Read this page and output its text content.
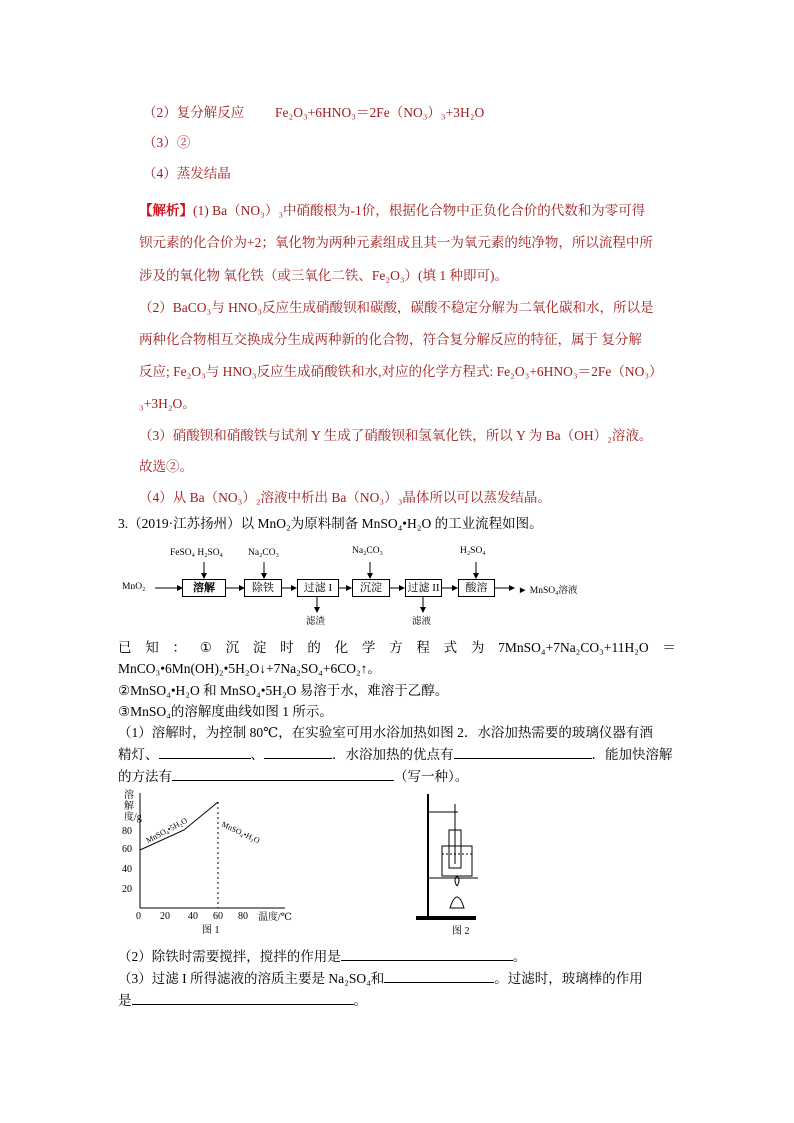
（2）复分解反应 Fe₂O₃+6HNO₃＝2Fe（NO₃）₃+3H₂O
（3）②
（4）蒸发结晶
【解析】(1) Ba（NO₃）₃中硝酸根为-1价，根据化合物中正负化合价的代数和为零可得
钡元素的化合价为+2；氧化物为两种元素组成且其一为氧元素的纯净物，所以流程中所
涉及的氧化物 氧化铁（或三氧化二铁、Fe₂O₃）(填 1 种即可)。
（2）BaCO₃与 HNO₃反应生成硝酸钡和碳酸，碳酸不稳定分解为二氧化碳和水，所以是
两种化合物相互交换成分生成两种新的化合物，符合复分解反应的特征，属于 复分解
反应; Fe₂O₃与 HNO₃反应生成硝酸铁和水,对应的化学方程式: Fe₂O₃+6HNO₃＝2Fe（NO₃）
₃+3H₂O。
（3）硝酸钡和硝酸铁与试剂 Y 生成了硝酸钡和氢氧化铁，所以 Y 为 Ba（OH）₂溶液。
故选②。
（4）从 Ba（NO₃）₂溶液中析出 Ba（NO₃）₃晶体所以可以蒸发结晶。
3.（2019·江苏扬州）以 MnO₂为原料制备 MnSO₄•H₂O 的工业流程如图。
MnO₂
FeSO₄ H₂SO₄	Na₂CO₃	Na₂CO₃	H₂SO₄
溶解	除铁	过滤 I	沉淀	过滤 II	酸溶
滤渣	滤液
► MnSO₄溶液
已 知 ： ① 沉 淀 时 的 化 学 方 程 式 为 7MnSO₄+7Na₂CO₃+11H₂O ＝
MnCO₃•6Mn(OH)₂•5H₂O↓+7Na₂SO₄+6CO₂↑。
②MnSO₄•H₂O 和 MnSO₄•5H₂O 易溶于水，难溶于乙醇。
③MnSO₄的溶解度曲线如图 1 所示。
（1）溶解时，为控制 80℃，在实验室可用水浴加热如图 2．水浴加热需要的玻璃仪器有酒
精灯、	、	．水浴加热的优点有	．能加快溶解
的方法有	（写一种）。
溶解度/g
80
60
40
20
0 20 40 60 80 温度/℃
MnSO₄•5H₂O	MnSO₄•H₂O
图 1	图 2
（2）除铁时需要搅拌，搅拌的作用是	。
（3）过滤 I 所得滤液的溶质主要是 Na₂SO₄和	。过滤时，玻璃棒的作用
是	。
